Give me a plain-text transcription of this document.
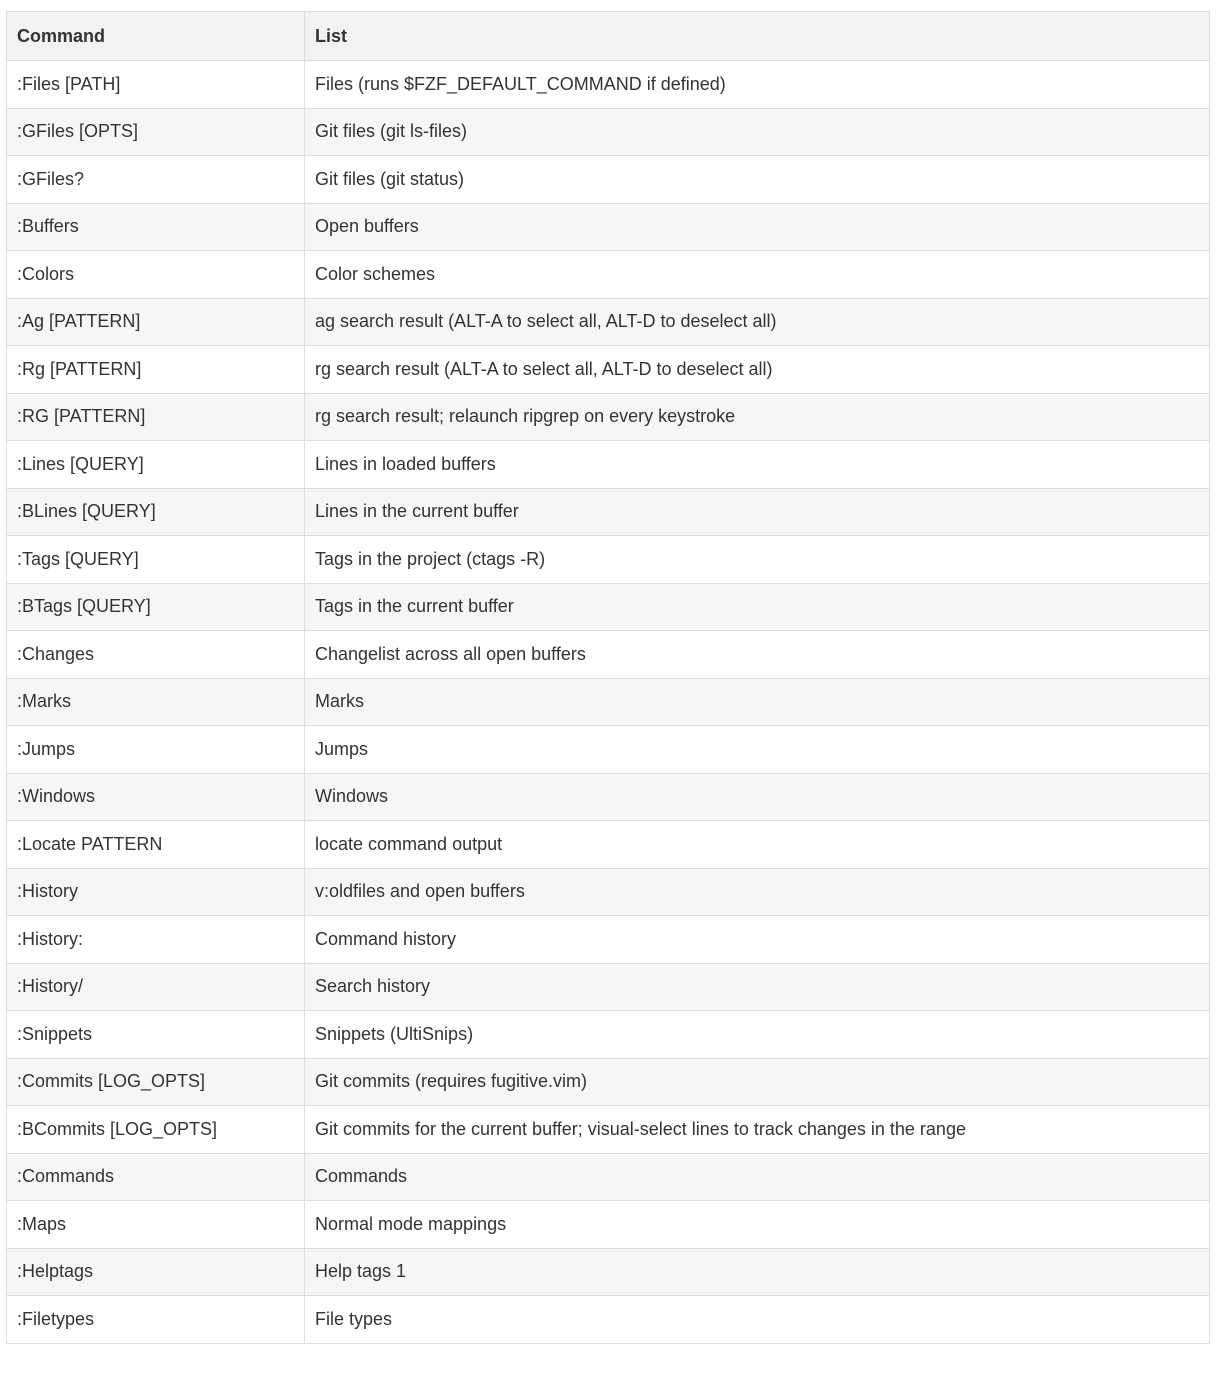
Command	List
:Files [PATH]	Files (runs $FZF_DEFAULT_COMMAND if defined)
:GFiles [OPTS]	Git files (git ls-files)
:GFiles?	Git files (git status)
:Buffers	Open buffers
:Colors	Color schemes
:Ag [PATTERN]	ag search result (ALT-A to select all, ALT-D to deselect all)
:Rg [PATTERN]	rg search result (ALT-A to select all, ALT-D to deselect all)
:RG [PATTERN]	rg search result; relaunch ripgrep on every keystroke
:Lines [QUERY]	Lines in loaded buffers
:BLines [QUERY]	Lines in the current buffer
:Tags [QUERY]	Tags in the project (ctags -R)
:BTags [QUERY]	Tags in the current buffer
:Changes	Changelist across all open buffers
:Marks	Marks
:Jumps	Jumps
:Windows	Windows
:Locate PATTERN	locate command output
:History	v:oldfiles and open buffers
:History:	Command history
:History/	Search history
:Snippets	Snippets (UltiSnips)
:Commits [LOG_OPTS]	Git commits (requires fugitive.vim)
:BCommits [LOG_OPTS]	Git commits for the current buffer; visual-select lines to track changes in the range
:Commands	Commands
:Maps	Normal mode mappings
:Helptags	Help tags 1
:Filetypes	File types
